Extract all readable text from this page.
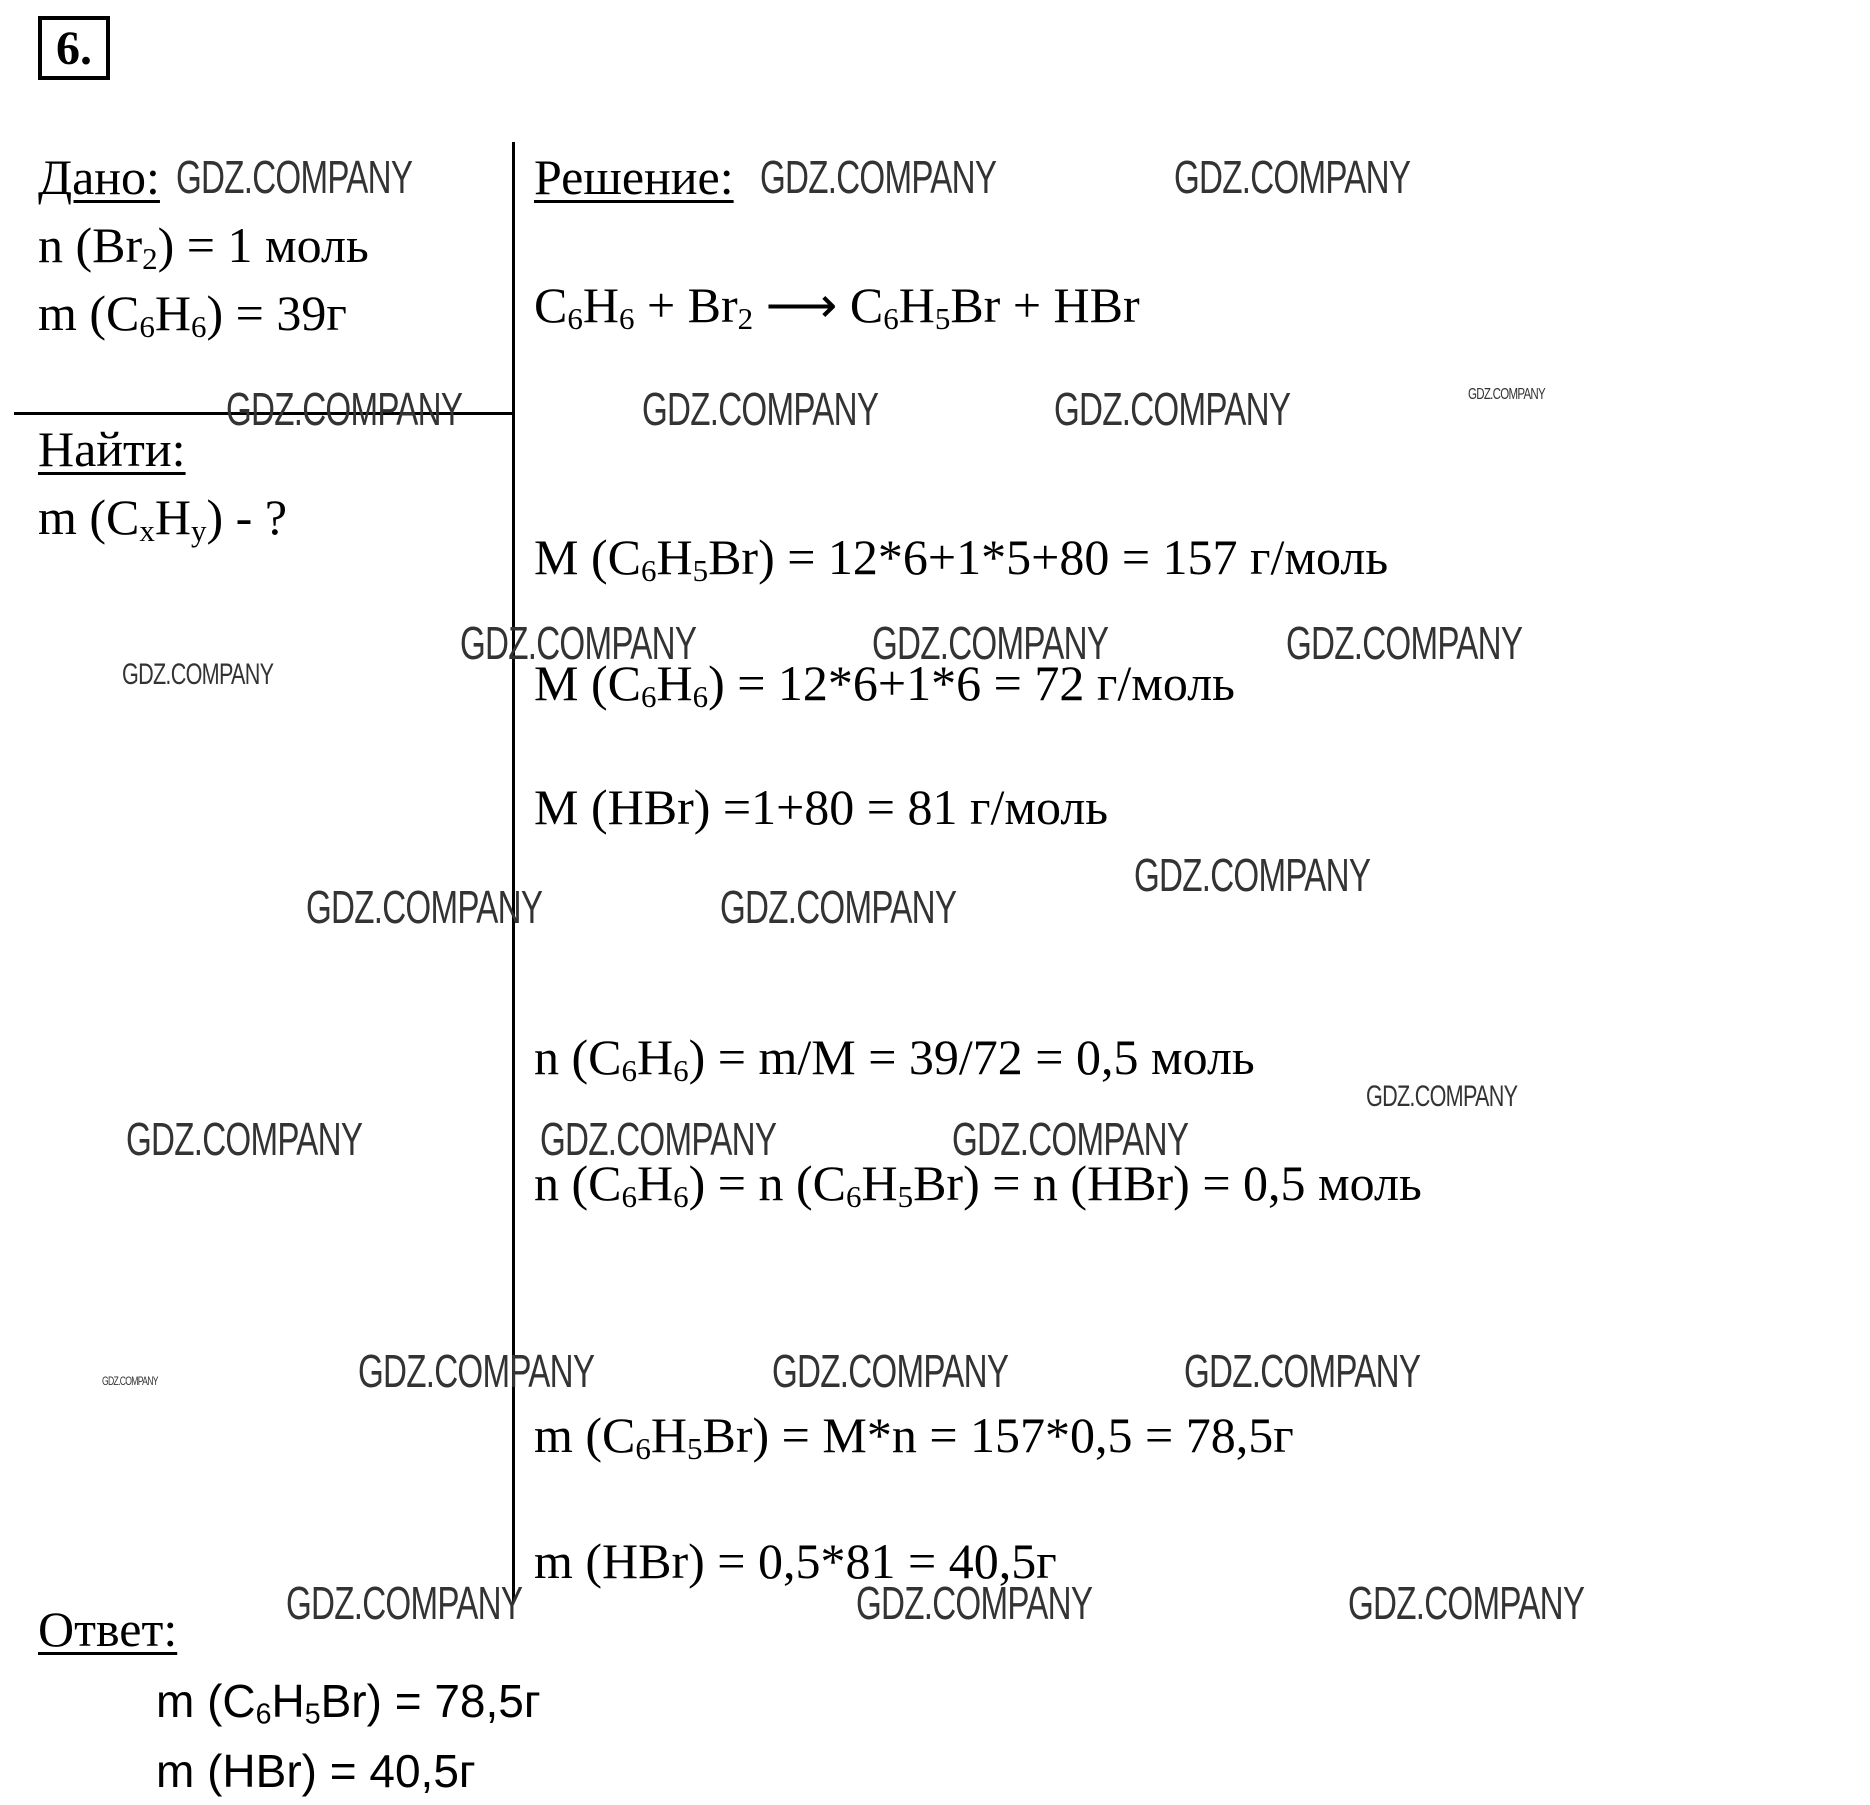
6.
Дано:
n $(Br_2) = 1$ моль
m $(C_6H_6) = 39г$
Найти:
m $(C_xH_y)$ - ?
Решение:
$C_6H_6 + Br_2$ ⟶ $C_6H_5Br$ + HBr
M $(C_6H_5Br) = 12*6+1*5+80 = 157$ г/моль
M $(C_6H_6) = 12*6+1*6 = 72$ г/моль
M (HBr) =1+80 = 81 г/моль
n $(C_6H_6) = m/M = 39/72 = 0,5$ моль
n $(C_6H_6) = n$ $(C_6H_5Br) = n$ (HBr) = 0,5 моль
m $(C_6H_5Br) = M*n = 157*0,5 = 78,5г$
m (HBr) = 0,5*81 = 40,5г
Ответ:
m $(C_6H_5Br) = 78,5г$
m (HBr) = 40,5г
GDZ.COMPANY	GDZ.COMPANY	GDZ.COMPANY
GDZ.COMPANY	GDZ.COMPANY	GDZ.COMPANY	GDZ.COMPANY
GDZ.COMPANY	GDZ.COMPANY	GDZ.COMPANY
GDZ.COMPANY
GDZ.COMPANY
GDZ.COMPANY	GDZ.COMPANY
GDZ.COMPANY
GDZ.COMPANY	GDZ.COMPANY	GDZ.COMPANY
GDZ.COMPANY	GDZ.COMPANY	GDZ.COMPANY	GDZ.COMPANY
GDZ.COMPANY	GDZ.COMPANY	GDZ.COMPANY
